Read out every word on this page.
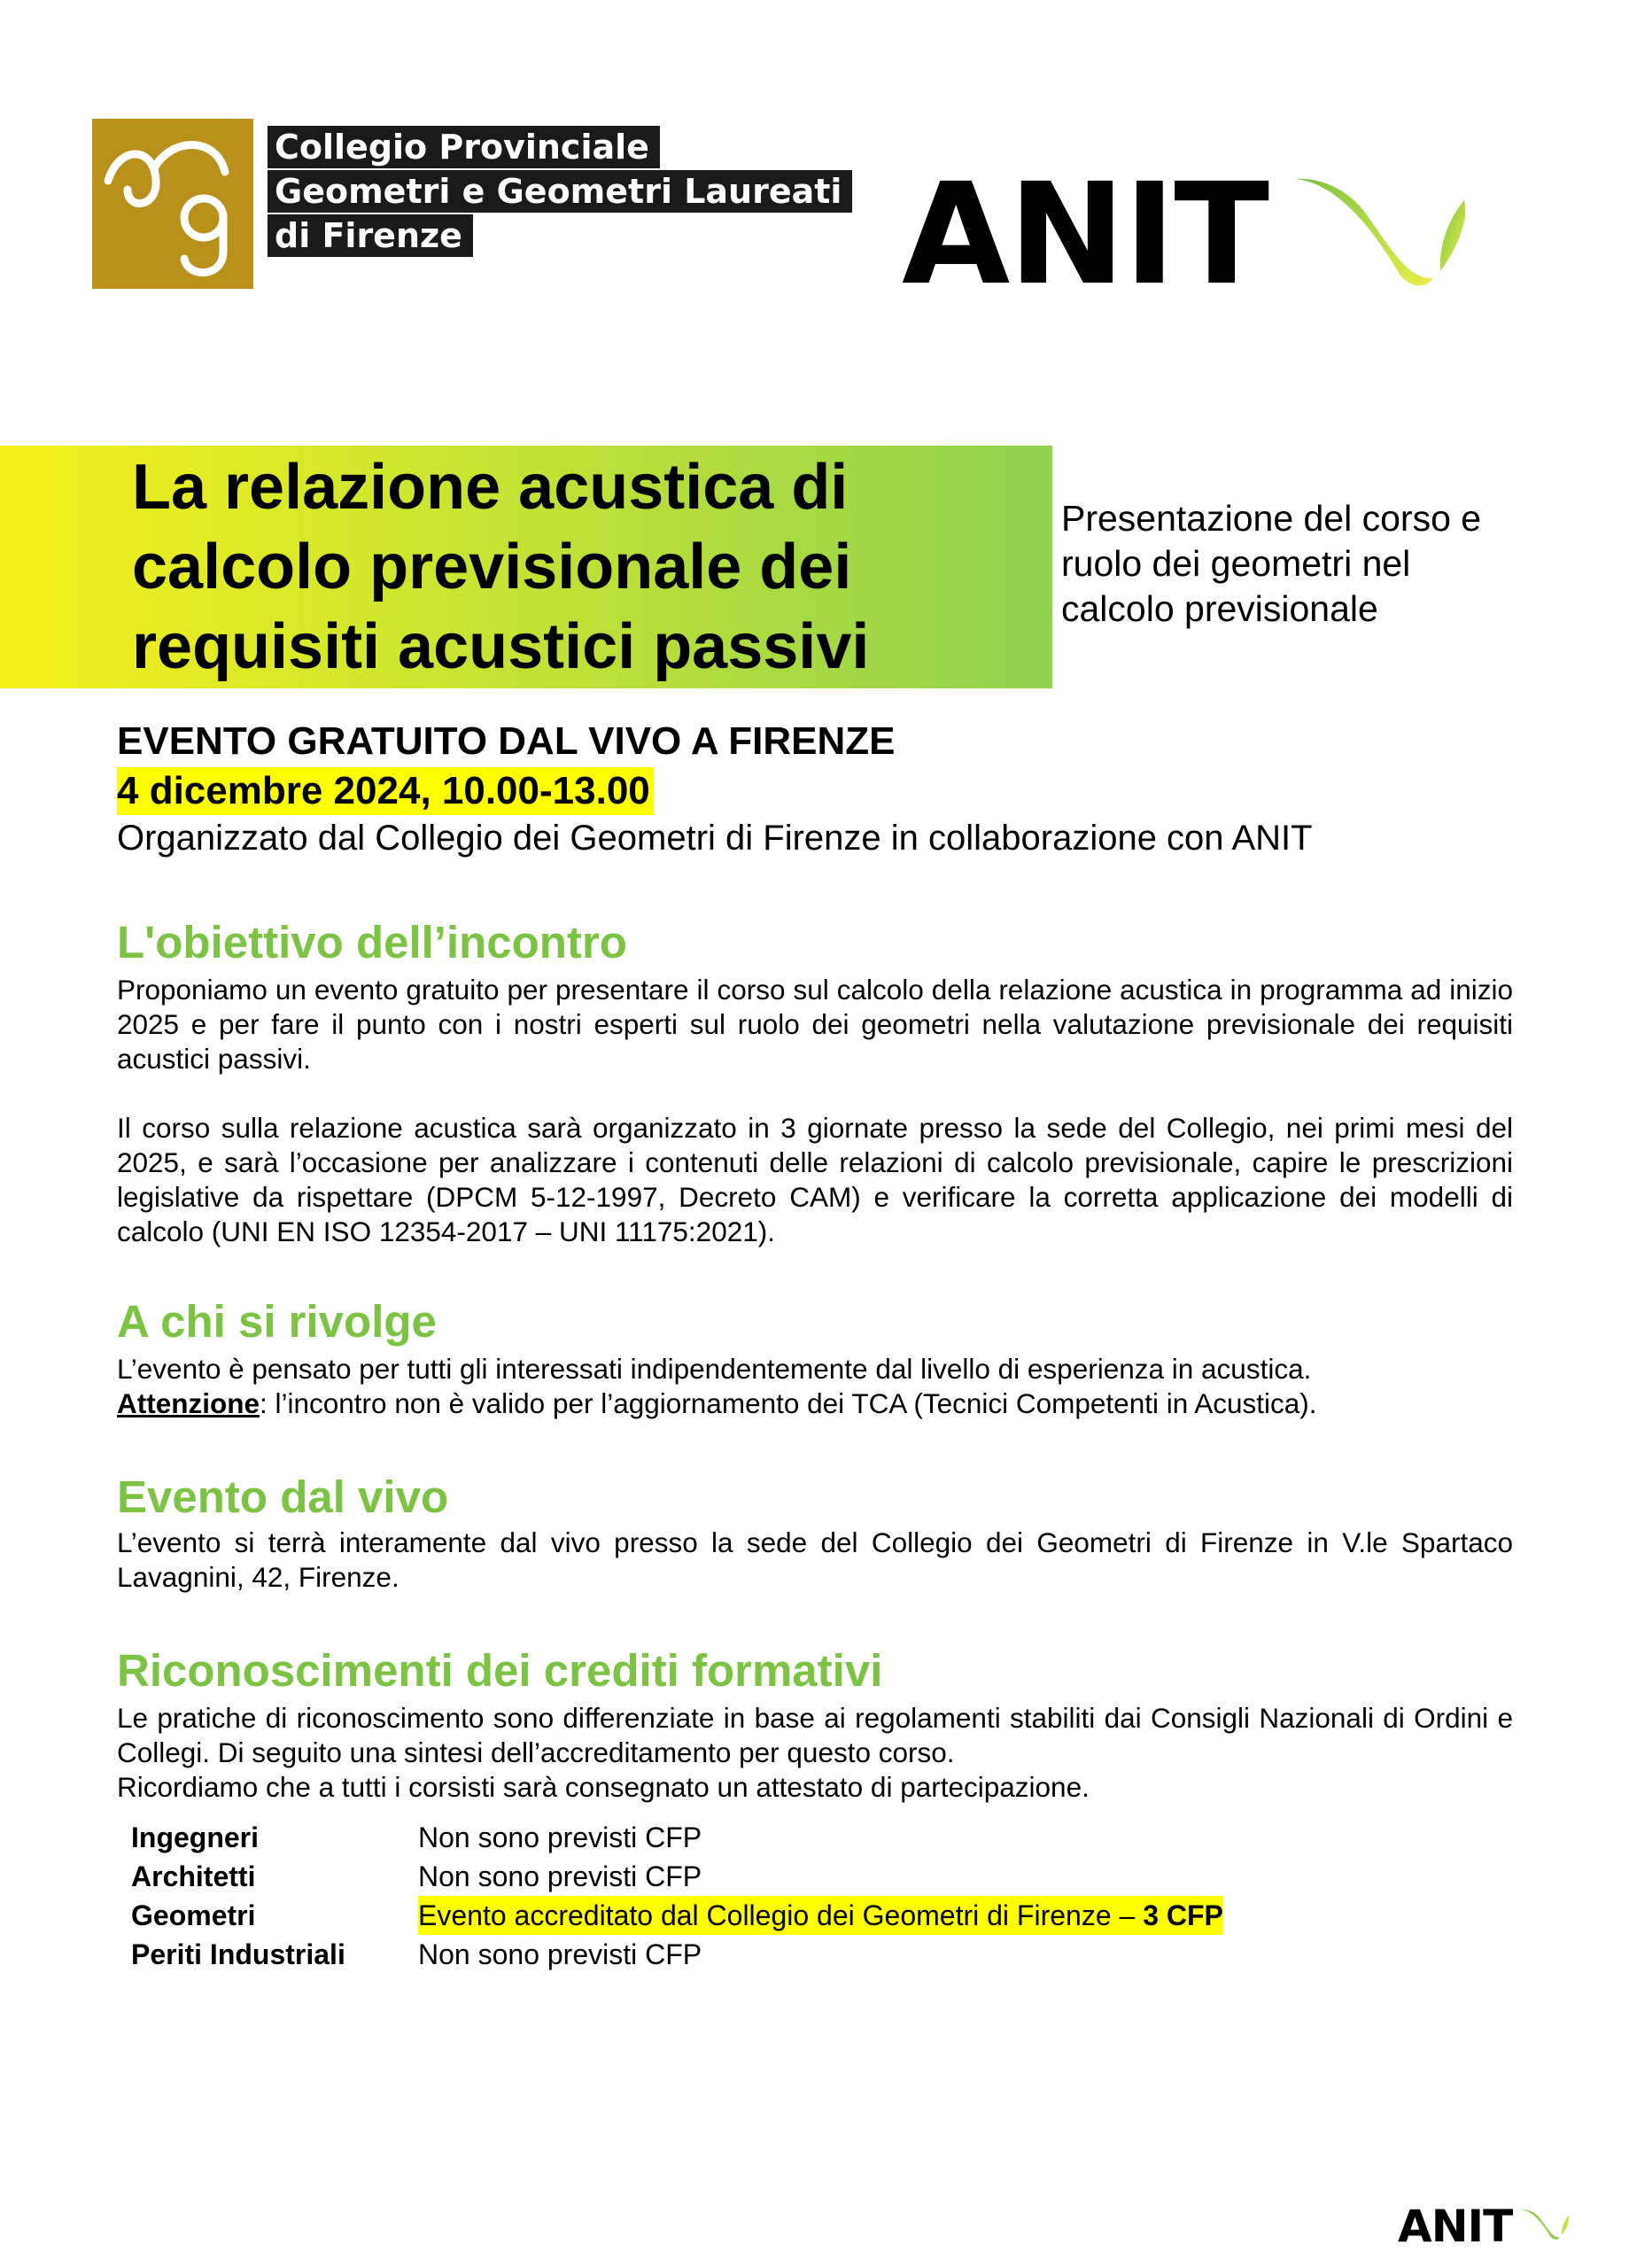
Collegio Provinciale
Geometri e Geometri Laureati
di Firenze	ANIT
La relazione acustica di
calcolo previsionale dei
requisiti acustici passivi
Presentazione del corso e
ruolo dei geometri nel
calcolo previsionale
EVENTO GRATUITO DAL VIVO A FIRENZE
4 dicembre 2024, 10.00-13.00
Organizzato dal Collegio dei Geometri di Firenze in collaborazione con ANIT
L'obiettivo dell’incontro
Proponiamo un evento gratuito per presentare il corso sul calcolo della relazione acustica in programma ad inizio 2025 e per fare il punto con i nostri esperti sul ruolo dei geometri nella valutazione previsionale dei requisiti acustici passivi.
Il corso sulla relazione acustica sarà organizzato in 3 giornate presso la sede del Collegio, nei primi mesi del 2025, e sarà l’occasione per analizzare i contenuti delle relazioni di calcolo previsionale, capire le prescrizioni legislative da rispettare (DPCM 5-12-1997, Decreto CAM) e verificare la corretta applicazione dei modelli di calcolo (UNI EN ISO 12354-2017 – UNI 11175:2021).
A chi si rivolge
L’evento è pensato per tutti gli interessati indipendentemente dal livello di esperienza in acustica.
Attenzione: l’incontro non è valido per l’aggiornamento dei TCA (Tecnici Competenti in Acustica).
Evento dal vivo
L’evento si terrà interamente dal vivo presso la sede del Collegio dei Geometri di Firenze in V.le Spartaco Lavagnini, 42, Firenze.
Riconoscimenti dei crediti formativi
Le pratiche di riconoscimento sono differenziate in base ai regolamenti stabiliti dai Consigli Nazionali di Ordini e Collegi. Di seguito una sintesi dell’accreditamento per questo corso.
Ricordiamo che a tutti i corsisti sarà consegnato un attestato di partecipazione.
Ingegneri	Non sono previsti CFP
Architetti	Non sono previsti CFP
Geometri	Evento accreditato dal Collegio dei Geometri di Firenze – 3 CFP
Periti Industriali	Non sono previsti CFP
ANIT
